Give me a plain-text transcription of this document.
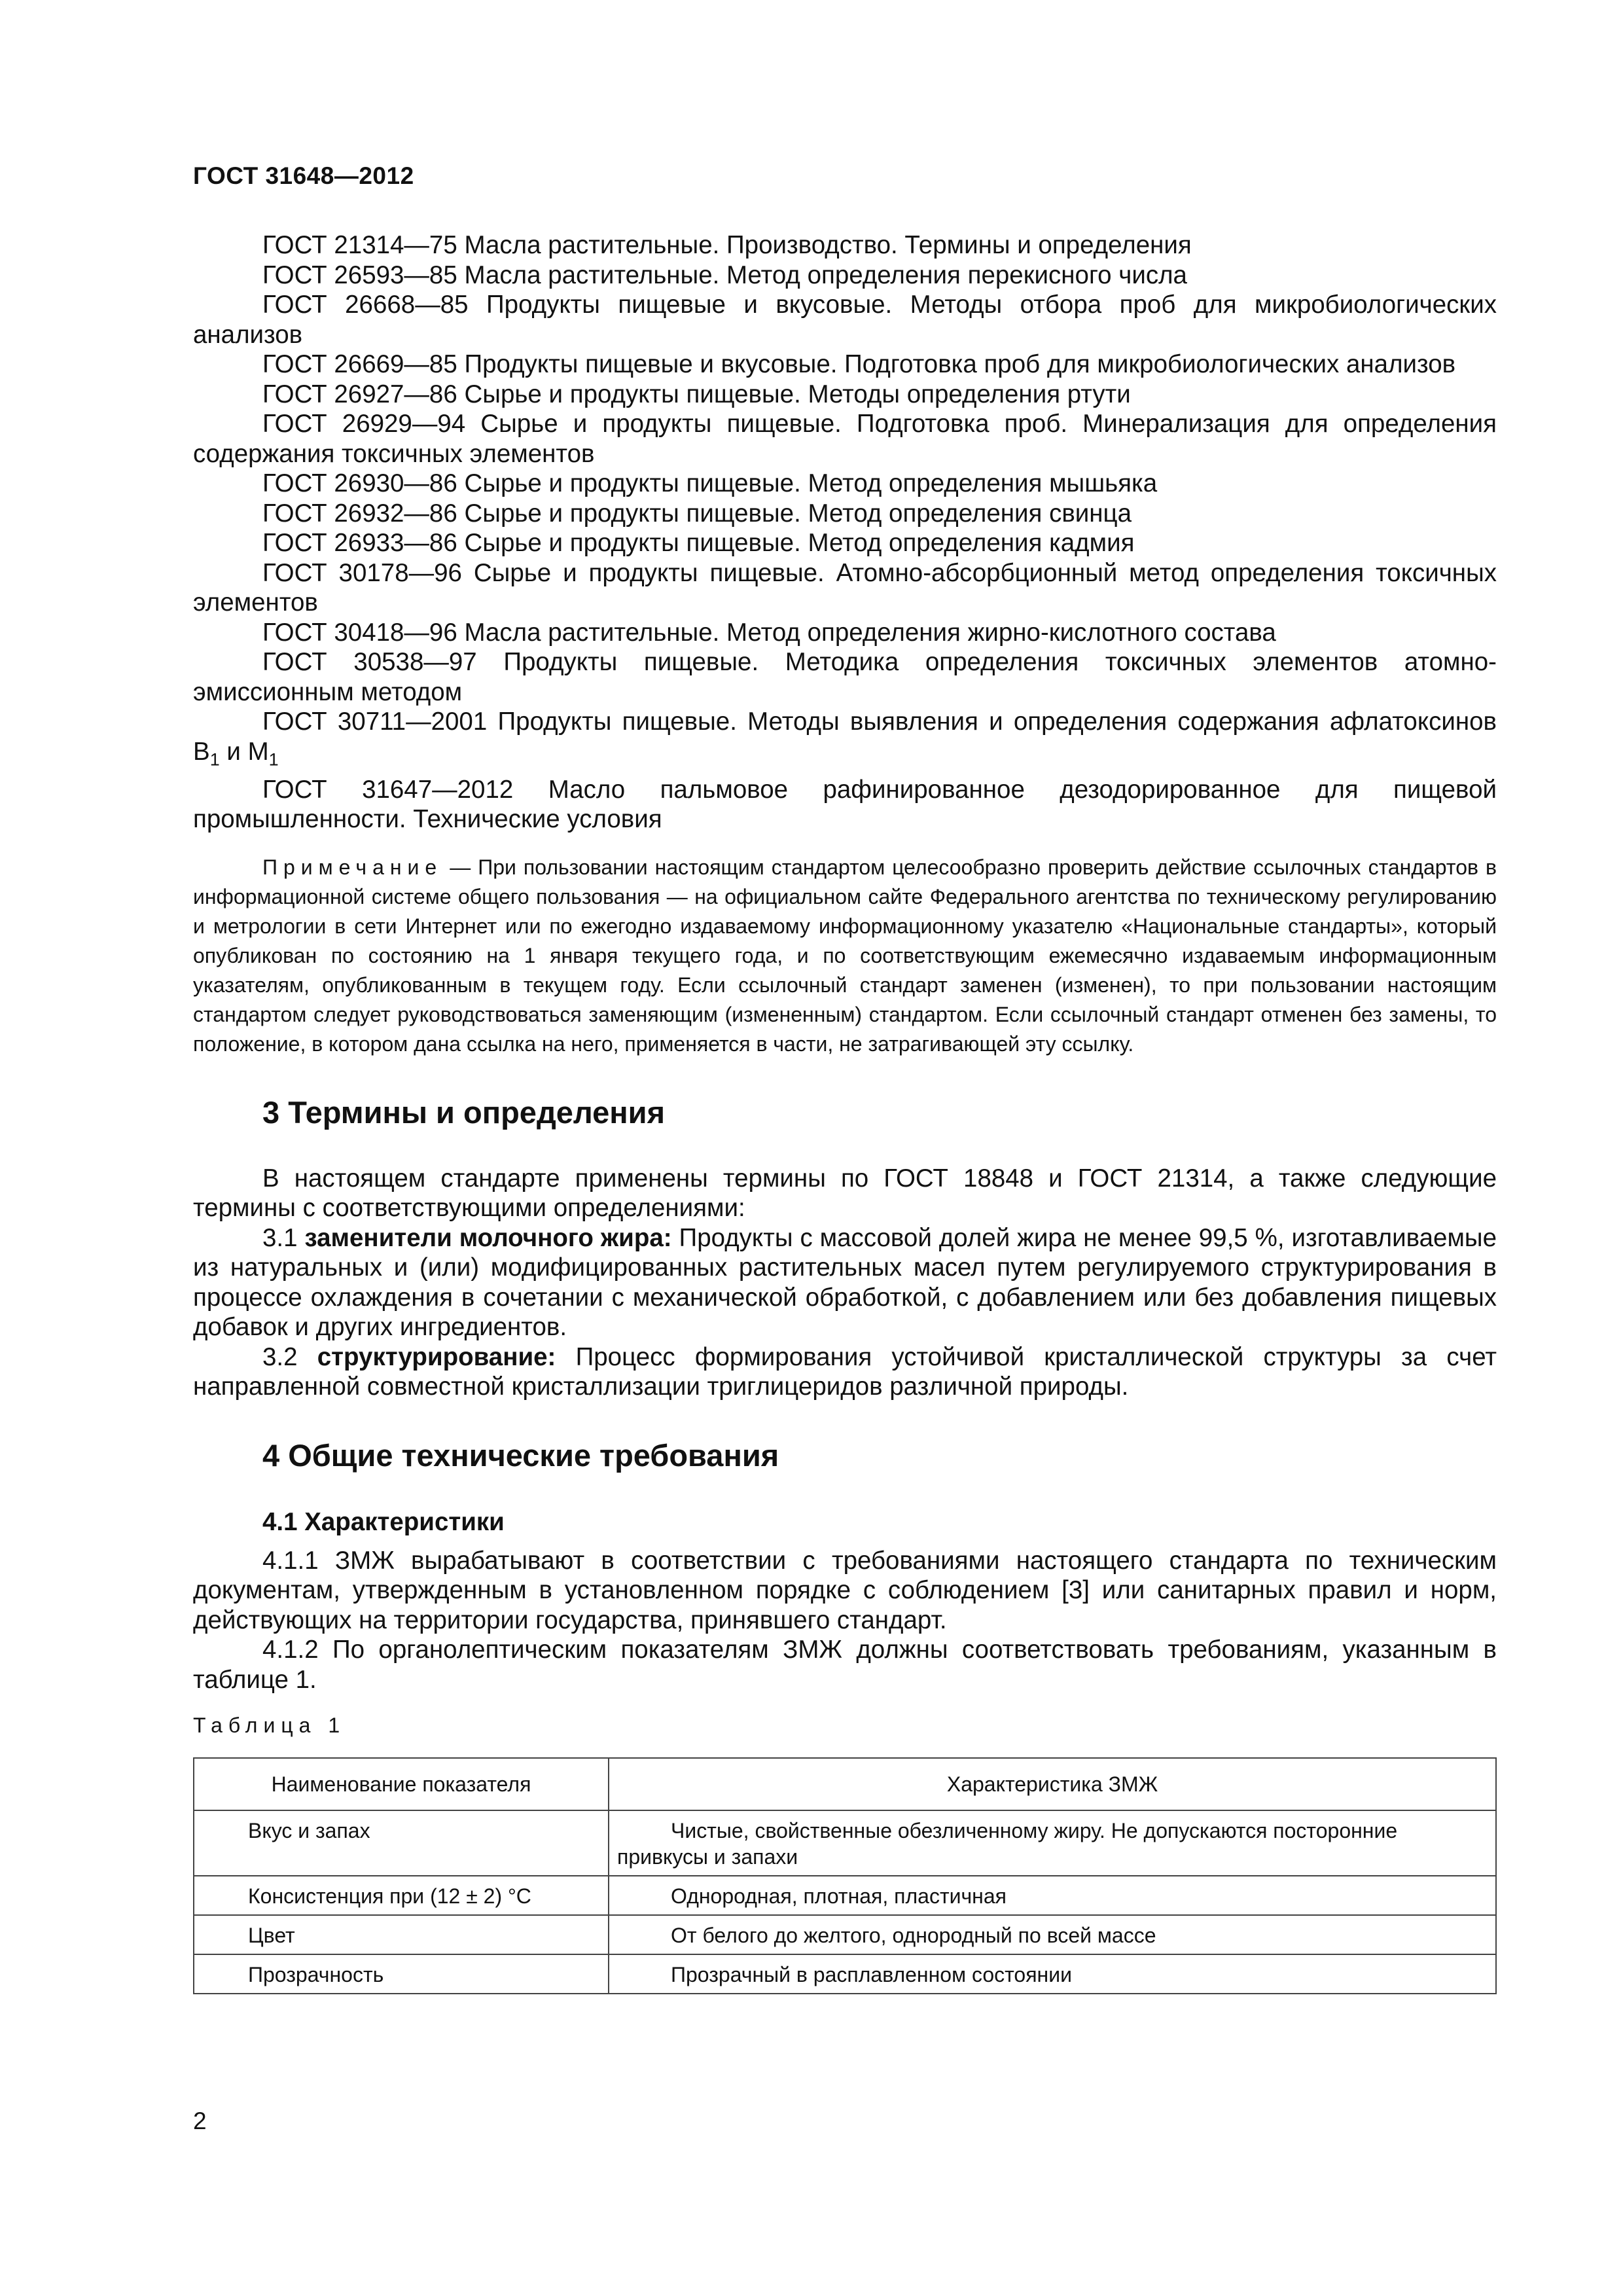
ГОСТ 31648—2012

ГОСТ 21314—75 Масла растительные. Производство. Термины и определения

ГОСТ 26593—85 Масла растительные. Метод определения перекисного числа

ГОСТ 26668—85 Продукты пищевые и вкусовые. Методы отбора проб для микробиологических анализов

ГОСТ 26669—85 Продукты пищевые и вкусовые. Подготовка проб для микробиологических анализов

ГОСТ 26927—86 Сырье и продукты пищевые. Методы определения ртути

ГОСТ 26929—94 Сырье и продукты пищевые. Подготовка проб. Минерализация для определения содержания токсичных элементов

ГОСТ 26930—86 Сырье и продукты пищевые. Метод определения мышьяка

ГОСТ 26932—86 Сырье и продукты пищевые. Метод определения свинца

ГОСТ 26933—86 Сырье и продукты пищевые. Метод определения кадмия

ГОСТ 30178—96 Сырье и продукты пищевые. Атомно-абсорбционный метод определения токсичных элементов

ГОСТ 30418—96 Масла растительные. Метод определения жирно-кислотного состава

ГОСТ 30538—97 Продукты пищевые. Методика определения токсичных элементов атомно-эмиссионным методом

ГОСТ 30711—2001 Продукты пищевые. Методы выявления и определения содержания афлатоксинов $B_1$ и $M_1$

ГОСТ 31647—2012 Масло пальмовое рафинированное дезодорированное для пищевой промышленности. Технические условия

Примечание — При пользовании настоящим стандартом целесообразно проверить действие ссылочных стандартов в информационной системе общего пользования — на официальном сайте Федерального агентства по техническому регулированию и метрологии в сети Интернет или по ежегодно издаваемому информационному указателю «Национальные стандарты», который опубликован по состоянию на 1 января текущего года, и по соответствующим ежемесячно издаваемым информационным указателям, опубликованным в текущем году. Если ссылочный стандарт заменен (изменен), то при пользовании настоящим стандартом следует руководствоваться заменяющим (измененным) стандартом. Если ссылочный стандарт отменен без замены, то положение, в котором дана ссылка на него, применяется в части, не затрагивающей эту ссылку.

3 Термины и определения

В настоящем стандарте применены термины по ГОСТ 18848 и ГОСТ 21314, а также следующие термины с соответствующими определениями:

3.1 заменители молочного жира: Продукты с массовой долей жира не менее 99,5 %, изготавливаемые из натуральных и (или) модифицированных растительных масел путем регулируемого структурирования в процессе охлаждения в сочетании с механической обработкой, с добавлением или без добавления пищевых добавок и других ингредиентов.

3.2 структурирование: Процесс формирования устойчивой кристаллической структуры за счет направленной совместной кристаллизации триглицеридов различной природы.

4 Общие технические требования
4.1 Характеристики

4.1.1 ЗМЖ вырабатывают в соответствии с требованиями настоящего стандарта по техническим документам, утвержденным в установленном порядке с соблюдением [3] или санитарных правил и норм, действующих на территории государства, принявшего стандарт.

4.1.2 По органолептическим показателям ЗМЖ должны соответствовать требованиям, указанным в таблице 1.

Таблица 1
Наименование показателя	Характеристика ЗМЖ
Вкус и запах	Чистые, свойственные обезличенному жиру. Не допускаются посторонние привкусы и запахи
Консистенция при (12 ± 2) °С	Однородная, плотная, пластичная
Цвет	От белого до желтого, однородный по всей массе
Прозрачность	Прозрачный в расплавленном состоянии
2
